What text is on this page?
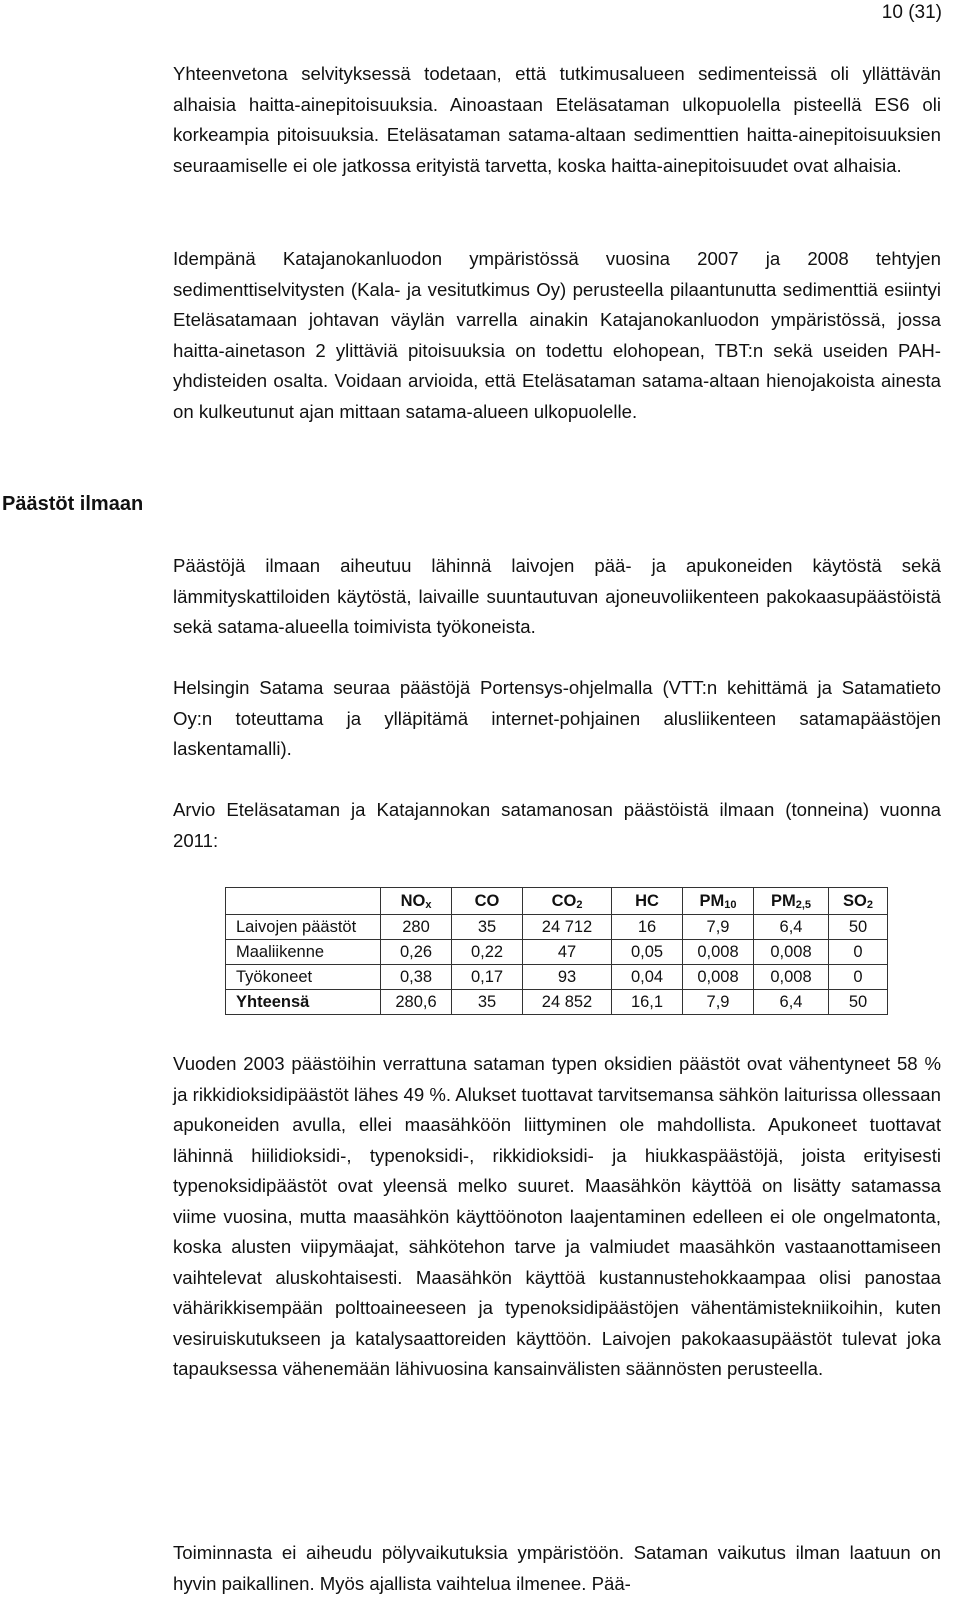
10 (31)

Yhteenvetona selvityksessä todetaan, että tutkimusalueen sedimenteissä oli yllättävän alhaisia haitta-ainepitoisuuksia. Ainoastaan Eteläsataman ulkopuolella pisteellä ES6 oli korkeampia pitoisuuksia. Eteläsataman satama-altaan sedimenttien haitta-ainepitoisuuksien seuraamiselle ei ole jatkossa erityistä tarvetta, koska haitta-ainepitoisuudet ovat alhaisia.

Idempänä Katajanokanluodon ympäristössä vuosina 2007 ja 2008 tehtyjen sedimenttiselvitysten (Kala- ja vesitutkimus Oy) perusteella pilaantunutta sedimenttiä esiintyi Eteläsatamaan johtavan väylän varrella ainakin Katajanokanluodon ympäristössä, jossa haitta-ainetason 2 ylittäviä pitoisuuksia on todettu elohopean, TBT:n sekä useiden PAH-yhdisteiden osalta. Voidaan arvioida, että Eteläsataman satama-altaan hienojakoista ainesta on kulkeutunut ajan mittaan satama-alueen ulkopuolelle.

Päästöt ilmaan

Päästöjä ilmaan aiheutuu lähinnä laivojen pää- ja apukoneiden käytöstä sekä lämmityskattiloiden käytöstä, laivaille suuntautuvan ajoneuvoliikenteen pakokaasupäästöistä sekä satama-alueella toimivista työkoneista.

Helsingin Satama seuraa päästöjä Portensys-ohjelmalla (VTT:n kehittämä ja Satamatieto Oy:n toteuttama ja ylläpitämä internet-pohjainen alusliikenteen satamapäästöjen laskentamalli).

Arvio Eteläsataman ja Katajannokan satamanosan päästöistä ilmaan (tonneina) vuonna 2011:

	$NO_x$	CO	$CO_2$	HC	$PM_{10}$	$PM_{2,5}$	$SO_2$
Laivojen päästöt	280	35	24 712	16	7,9	6,4	50
Maaliikenne	0,26	0,22	47	0,05	0,008	0,008	0
Työkoneet	0,38	0,17	93	0,04	0,008	0,008	0
Yhteensä	280,6	35	24 852	16,1	7,9	6,4	50

Vuoden 2003 päästöihin verrattuna sataman typen oksidien päästöt ovat vähentyneet 58 % ja rikkidioksidipäästöt lähes 49 %. Alukset tuottavat tarvitsemansa sähkön laiturissa ollessaan apukoneiden avulla, ellei maasähköön liittyminen ole mahdollista. Apukoneet tuottavat lähinnä hiilidioksidi-, typenoksidi-, rikkidioksidi- ja hiukkaspäästöjä, joista erityisesti typenoksidipäästöt ovat yleensä melko suuret. Maasähkön käyttöä on lisätty satamassa viime vuosina, mutta maasähkön käyttöönoton laajentaminen edelleen ei ole ongelmatonta, koska alusten viipymäajat, sähkötehon tarve ja valmiudet maasähkön vastaanottamiseen vaihtelevat aluskohtaisesti. Maasähkön käyttöä kustannustehokkaampaa olisi panostaa vähärikkisempään polttoaineeseen ja typenoksidipäästöjen vähentämistekniikoihin, kuten vesiruiskutukseen ja katalysaattoreiden käyttöön. Laivojen pakokaasupäästöt tulevat joka tapauksessa vähenemään lähivuosina kansainvälisten säännösten perusteella.

Toiminnasta ei aiheudu pölyvaikutuksia ympäristöön. Sataman vaikutus ilman laatuun on hyvin paikallinen. Myös ajallista vaihtelua ilmenee. Pää-
